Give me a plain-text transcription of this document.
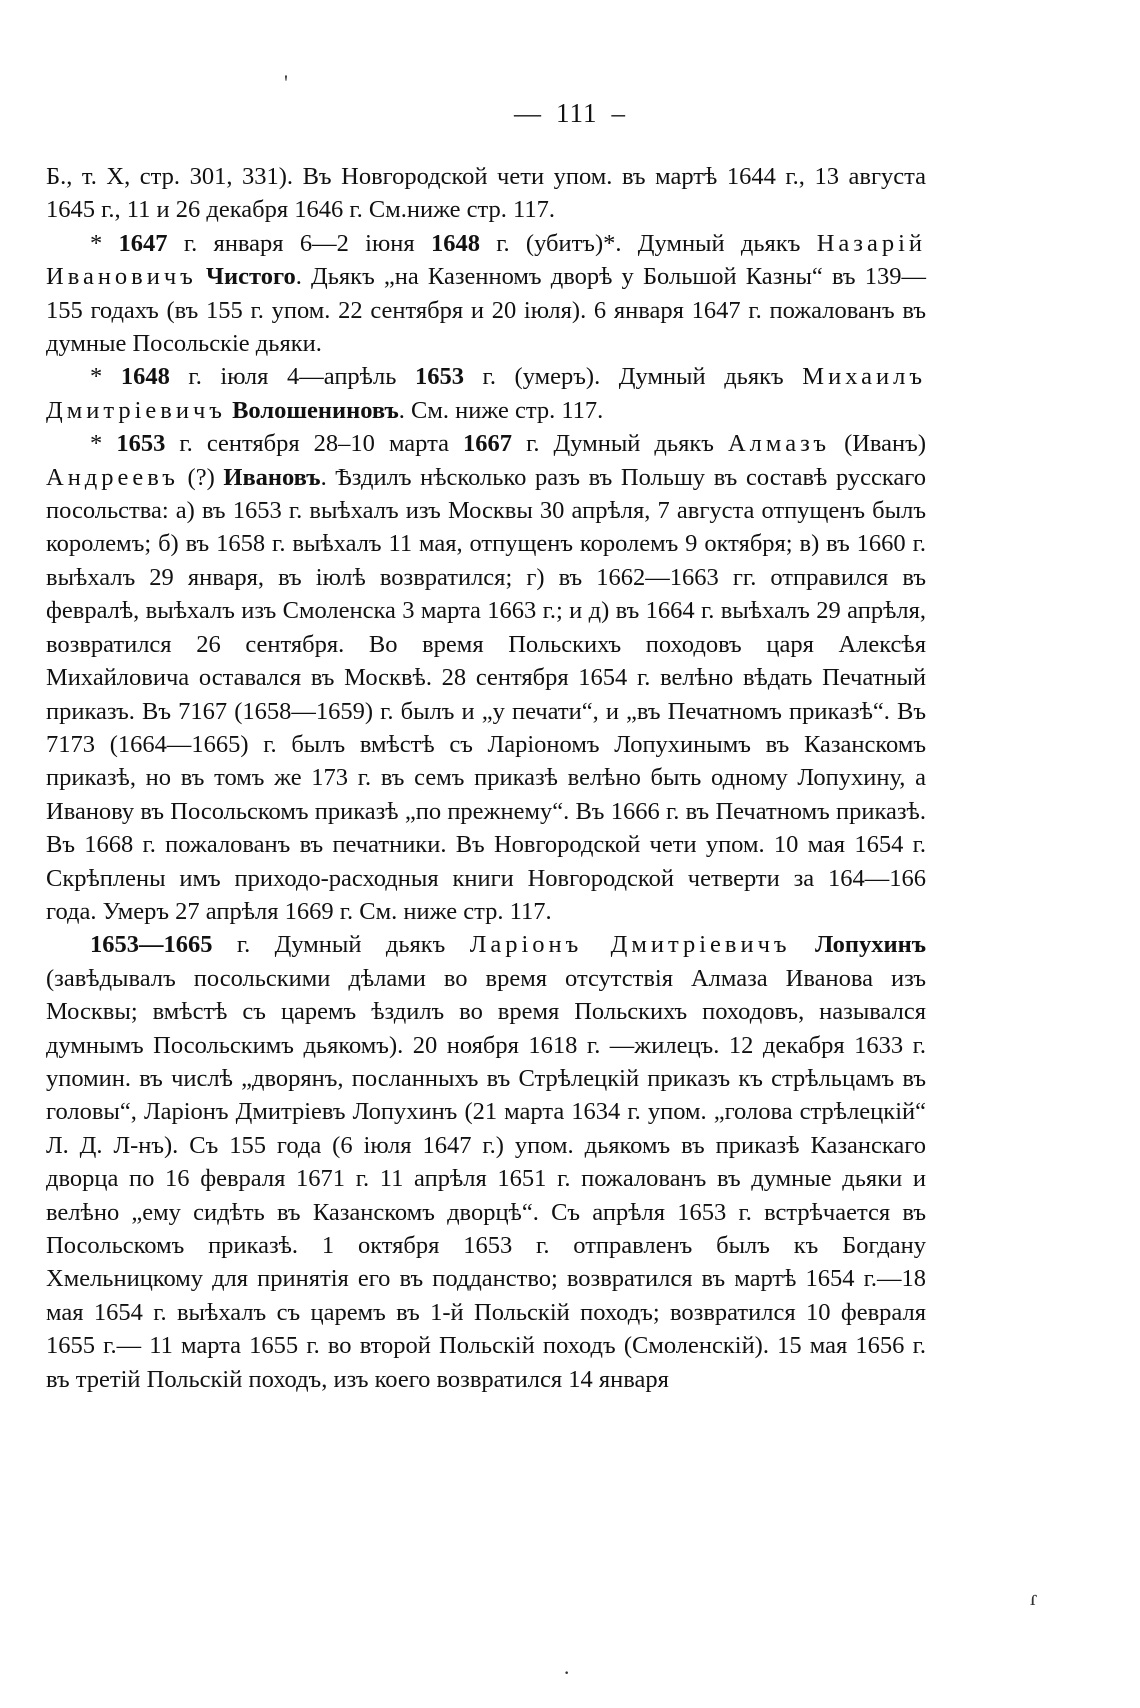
'
— 111 –

Б., т. X, стр. 301, 331). Въ Новгородской чети упом. въ мартѣ 1644 г., 13 августа 1645 г., 11 и 26 декабря 1646 г. См.ниже стр. 117.

* 1647 г. января 6—2 іюня 1648 г. (убитъ)*. Думный дьякъ Назарій Ивановичъ Чистого. Дьякъ „на Казенномъ дворѣ у Большой Казны“ въ 139—155 годахъ (въ 155 г. упом. 22 сентября и 20 іюля). 6 января 1647 г. пожалованъ въ думные Посольскіе дьяки.

* 1648 г. іюля 4—апрѣль 1653 г. (умеръ). Думный дьякъ Михаилъ Дмитріевичъ Волошениновъ. См. ниже стр. 117.

* 1653 г. сентября 28–10 марта 1667 г. Думный дьякъ Алмазъ (Иванъ) Андреевъ (?) Ивановъ. Ѣздилъ нѣсколько разъ въ Польшу въ составѣ русскаго посольства: а) въ 1653 г. выѣхалъ изъ Москвы 30 апрѣля, 7 августа отпущенъ былъ королемъ; б) въ 1658 г. выѣхалъ 11 мая, отпущенъ королемъ 9 октября; в) въ 1660 г. выѣхалъ 29 января, въ іюлѣ возвратился; г) въ 1662—1663 гг. отправился въ февралѣ, выѣхалъ изъ Смоленска 3 марта 1663 г.; и д) въ 1664 г. выѣхалъ 29 апрѣля, возвратился 26 сентября. Во время Польскихъ походовъ царя Алексѣя Михайловича оставался въ Москвѣ. 28 сентября 1654 г. велѣно вѣдать Печатный приказъ. Въ 7167 (1658—1659) г. былъ и „у печати“, и „въ Печатномъ приказѣ“. Въ 7173 (1664—1665) г. былъ вмѣстѣ съ Ларіономъ Лопухинымъ въ Казанскомъ приказѣ, но въ томъ же 173 г. въ семъ приказѣ велѣно быть одному Лопухину, а Иванову въ Посольскомъ приказѣ „по прежнему“. Въ 1666 г. въ Печатномъ приказѣ. Въ 1668 г. пожалованъ въ печатники. Въ Новгородской чети упом. 10 мая 1654 г. Скрѣплены имъ приходо-расходныя книги Новгородской четверти за 164—166 года. Умеръ 27 апрѣля 1669 г. См. ниже стр. 117.

1653—1665 г. Думный дьякъ Ларіонъ Дмитріевичъ Лопухинъ (завѣдывалъ посольскими дѣлами во время отсутствія Алмаза Иванова изъ Москвы; вмѣстѣ съ царемъ ѣздилъ во время Польскихъ походовъ, назывался думнымъ Посольскимъ дьякомъ). 20 ноября 1618 г. —жилецъ. 12 декабря 1633 г. упомин. въ числѣ „дворянъ, посланныхъ въ Стрѣлецкій приказъ къ стрѣльцамъ въ головы“, Ларіонъ Дмитріевъ Лопухинъ (21 марта 1634 г. упом. „голова стрѣлецкій“ Л. Д. Л-нъ). Съ 155 года (6 іюля 1647 г.) упом. дьякомъ въ приказѣ Казанскаго дворца по 16 февраля 1671 г. 11 апрѣля 1651 г. пожалованъ въ думные дьяки и велѣно „ему сидѣть въ Казанскомъ дворцѣ“. Съ апрѣля 1653 г. встрѣчается въ Посольскомъ приказѣ. 1 октября 1653 г. отправленъ былъ къ Богдану Хмельницкому для принятія его въ подданство; возвратился въ мартѣ 1654 г.—18 мая 1654 г. выѣхалъ съ царемъ въ 1-й Польскій походъ; возвратился 10 февраля 1655 г.— 11 марта 1655 г. во второй Польскій походъ (Смоленскій). 15 мая 1656 г. въ третій Польскій походъ, изъ коего возвратился 14 января

ɾ
·
